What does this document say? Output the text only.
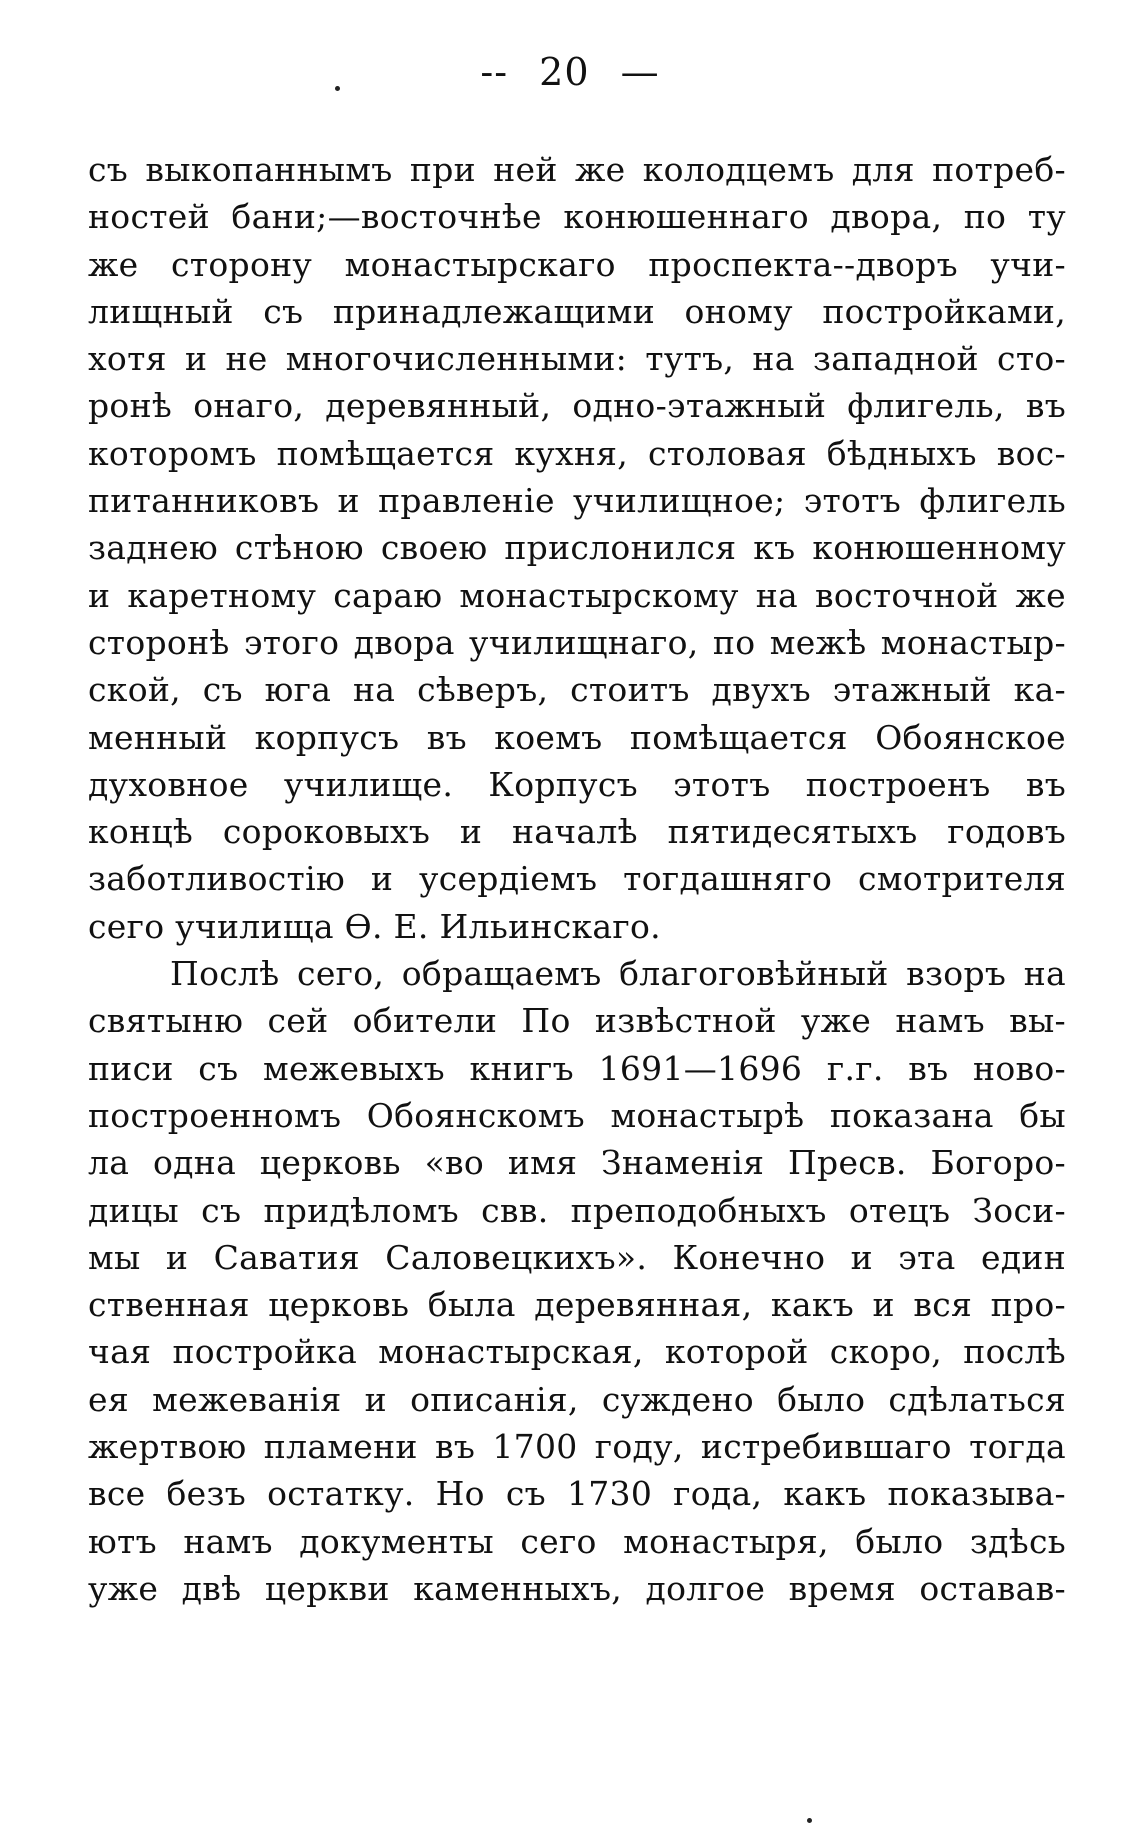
-- 20 —
съ выкопаннымъ при ней же колодцемъ для потреб-
ностей бани;—восточнѣе конюшеннаго двора, по ту
же сторону монастырскаго проспекта--дворъ учи-
лищный съ принадлежащими оному постройками,
хотя и не многочисленными: тутъ, на западной сто-
ронѣ онаго, деревянный, одно-этажный флигель, въ
которомъ помѣщается кухня, столовая бѣдныхъ вос-
питанниковъ и правленіе училищное; этотъ флигель
заднею стѣною своею прислонился къ конюшенному
и каретному сараю монастырскому на восточной же
сторонѣ этого двора училищнаго, по межѣ монастыр-
ской, съ юга на сѣверъ, стоитъ двухъ этажный ка-
менный корпусъ въ коемъ помѣщается Обоянское
духовное училище. Корпусъ этотъ построенъ въ
концѣ сороковыхъ и началѣ пятидесятыхъ годовъ
заботливостію и усердіемъ тогдашняго смотрителя
сего училища Ѳ. Е. Ильинскаго.
Послѣ сего, обращаемъ благоговѣйный взоръ на
святыню сей обители По извѣстной уже намъ вы-
писи съ межевыхъ книгъ 1691—1696 г.г. въ ново-
построенномъ Обоянскомъ монастырѣ показана бы
ла одна церковь «во имя Знаменія Пресв. Богоро-
дицы съ придѣломъ свв. преподобныхъ отецъ Зоси-
мы и Саватия Саловецкихъ». Конечно и эта един
ственная церковь была деревянная, какъ и вся про-
чая постройка монастырская, которой скоро, послѣ
ея межеванія и описанія, суждено было сдѣлаться
жертвою пламени въ 1700 году, истребившаго тогда
все безъ остатку. Но съ 1730 года, какъ показыва-
ютъ намъ документы сего монастыря, было здѣсь
уже двѣ церкви каменныхъ, долгое время оставав-
